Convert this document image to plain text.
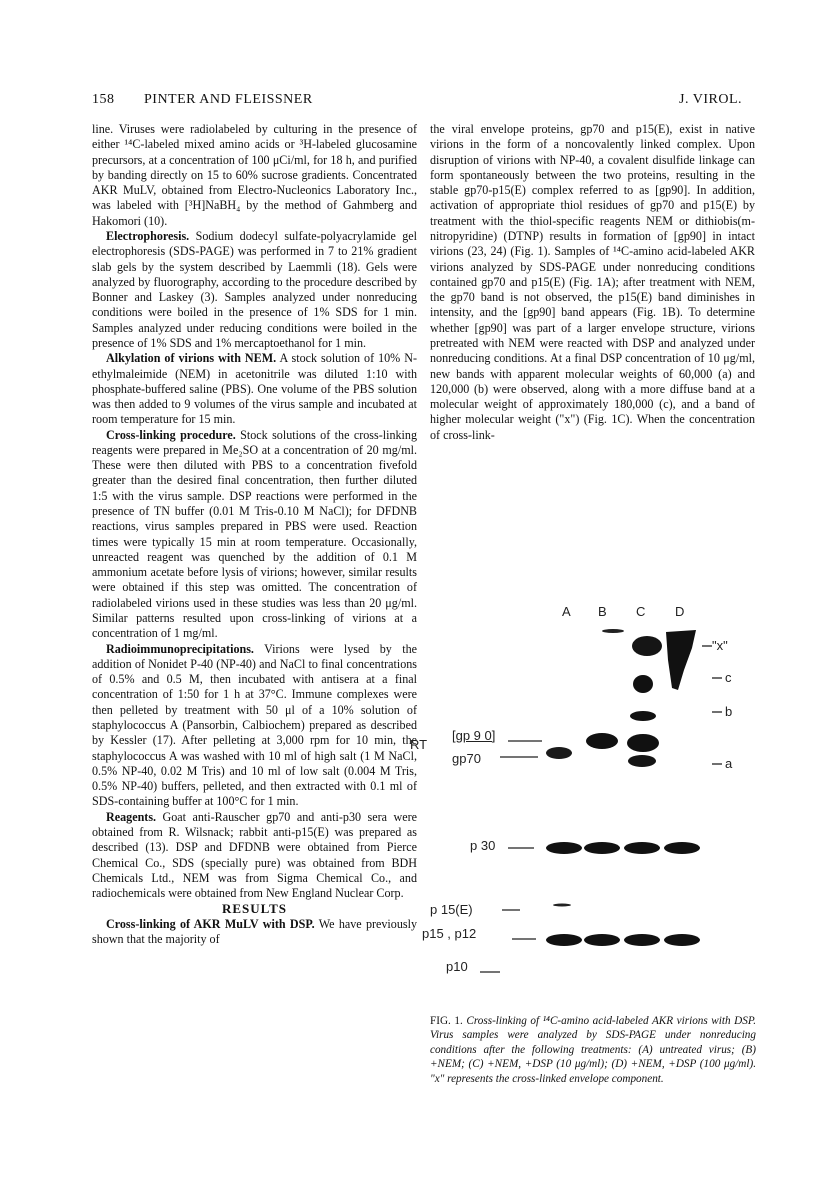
158 PINTER AND FLEISSNER	J. VIROL.

line. Viruses were radiolabeled by culturing in the presence of either ¹⁴C-labeled mixed amino acids or ³H-labeled glucosamine precursors, at a concentration of 100 μCi/ml, for 18 h, and purified by banding directly on 15 to 60% sucrose gradients. Concentrated AKR MuLV, obtained from Electro-Nucleonics Laboratory Inc., was labeled with [³H]NaBH₄ by the method of Gahmberg and Hakomori (10).

Electrophoresis. Sodium dodecyl sulfate-polyacrylamide gel electrophoresis (SDS-PAGE) was performed in 7 to 21% gradient slab gels by the system described by Laemmli (18). Gels were analyzed by fluorography, according to the procedure described by Bonner and Laskey (3). Samples analyzed under nonreducing conditions were boiled in the presence of 1% SDS for 1 min. Samples analyzed under reducing conditions were boiled in the presence of 1% SDS and 1% mercaptoethanol for 1 min.

Alkylation of virions with NEM. A stock solution of 10% N-ethylmaleimide (NEM) in acetonitrile was diluted 1:10 with phosphate-buffered saline (PBS). One volume of the PBS solution was then added to 9 volumes of the virus sample and incubated at room temperature for 15 min.

Cross-linking procedure. Stock solutions of the cross-linking reagents were prepared in Me₂SO at a concentration of 20 mg/ml. These were then diluted with PBS to a concentration fivefold greater than the desired final concentration, then further diluted 1:5 with the virus sample. DSP reactions were performed in the presence of TN buffer (0.01 M Tris-0.10 M NaCl); for DFDNB reactions, virus samples prepared in PBS were used. Reaction times were typically 15 min at room temperature. Occasionally, unreacted reagent was quenched by the addition of 0.1 M ammonium acetate before lysis of virions; however, similar results were obtained if this step was omitted. The concentration of radiolabeled virions used in these studies was less than 20 μg/ml. Similar patterns resulted upon cross-linking of virions at a concentration of 1 mg/ml.

Radioimmunoprecipitations. Virions were lysed by the addition of Nonidet P-40 (NP-40) and NaCl to final concentrations of 0.5% and 0.5 M, then incubated with antisera at a final concentration of 1:50 for 1 h at 37°C. Immune complexes were then pelleted by treatment with 50 μl of a 10% solution of staphylococcus A (Pansorbin, Calbiochem) prepared as described by Kessler (17). After pelleting at 3,000 rpm for 10 min, the staphylococcus A was washed with 10 ml of high salt (1 M NaCl, 0.5% NP-40, 0.02 M Tris) and 10 ml of low salt (0.004 M Tris, 0.5% NP-40) buffers, pelleted, and then extracted with 0.1 ml of SDS-containing buffer at 100°C for 1 min.

Reagents. Goat anti-Rauscher gp70 and anti-p30 sera were obtained from R. Wilsnack; rabbit anti-p15(E) was prepared as described (13). DSP and DFDNB were obtained from Pierce Chemical Co., SDS (specially pure) was obtained from BDH Chemicals Ltd., NEM was from Sigma Chemical Co., and radiochemicals were obtained from New England Nuclear Corp.

RESULTS

Cross-linking of AKR MuLV with DSP. We have previously shown that the majority of

the viral envelope proteins, gp70 and p15(E), exist in native virions in the form of a noncovalently linked complex. Upon disruption of virions with NP-40, a covalent disulfide linkage can form spontaneously between the two proteins, resulting in the stable gp70-p15(E) complex referred to as [gp90]. In addition, activation of appropriate thiol residues of gp70 and p15(E) by treatment with the thiol-specific reagents NEM or dithiobis(m-nitropyridine) (DTNP) results in formation of [gp90] in intact virions (23, 24) (Fig. 1). Samples of ¹⁴C-amino acid-labeled AKR virions analyzed by SDS-PAGE under nonreducing conditions contained gp70 and p15(E) (Fig. 1A); after treatment with NEM, the gp70 band is not observed, the p15(E) band diminishes in intensity, and the [gp90] band appears (Fig. 1B). To determine whether [gp90] was part of a larger envelope structure, virions pretreated with NEM were reacted with DSP and analyzed under nonreducing conditions. At a final DSP concentration of 10 μg/ml, new bands with apparent molecular weights of 60,000 (a) and 120,000 (b) were observed, along with a more diffuse band at a molecular weight of approximately 180,000 (c), and a band of higher molecular weight ("x") (Fig. 1C). When the concentration of cross-link-

A B C D
RT
[gp 9 0]
gp70
p 30
p 15(E)
p15 , p12
p10
"x"
c
b
a
FIG. 1. Cross-linking of ¹⁴C-amino acid-labeled AKR virions with DSP. Virus samples were analyzed by SDS-PAGE under nonreducing conditions after the following treatments: (A) untreated virus; (B) +NEM; (C) +NEM, +DSP (10 μg/ml); (D) +NEM, +DSP (100 μg/ml). "x" represents the cross-linked envelope component.
